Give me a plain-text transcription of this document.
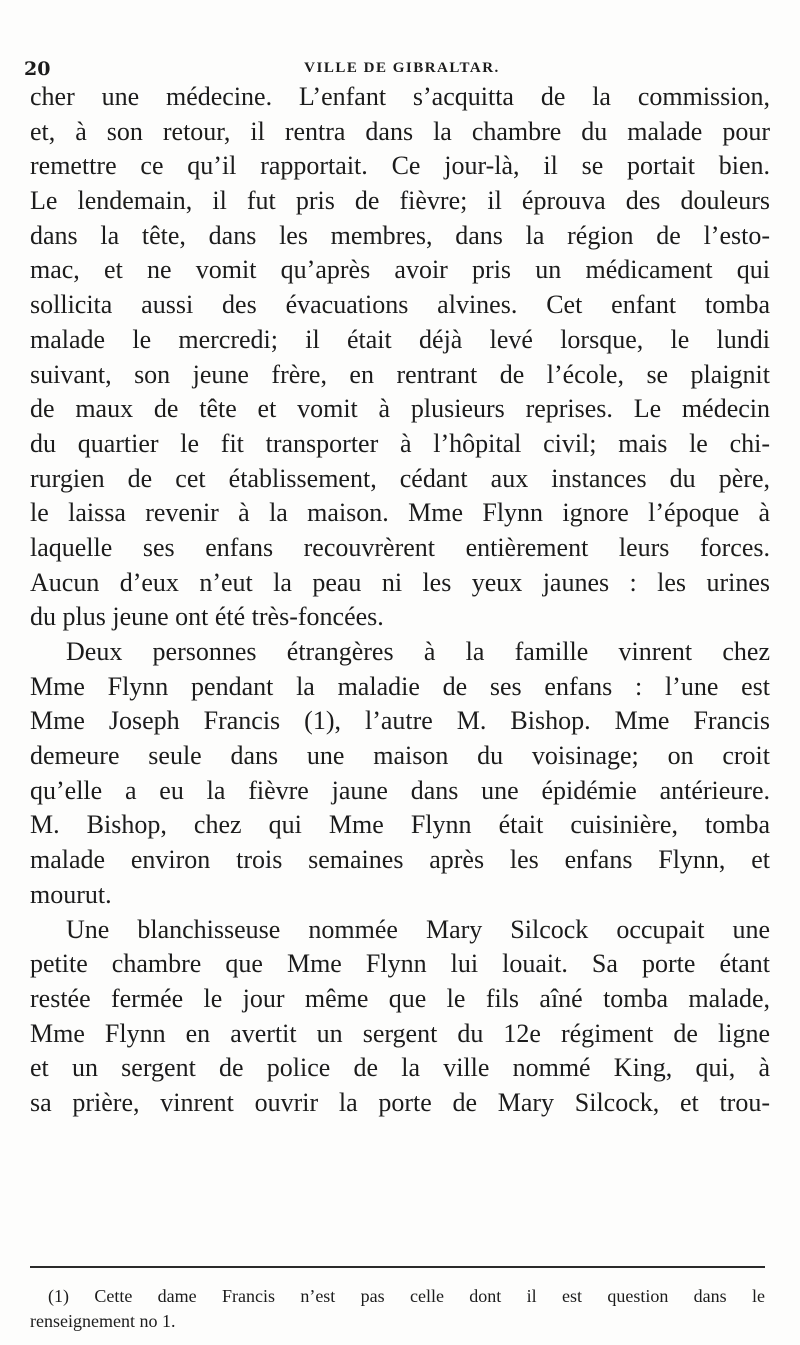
20	VILLE DE GIBRALTAR.
cher une médecine. L’enfant s’acquitta de la commission,
et, à son retour, il rentra dans la chambre du malade pour
remettre ce qu’il rapportait. Ce jour-là, il se portait bien.
Le lendemain, il fut pris de fièvre; il éprouva des douleurs
dans la tête, dans les membres, dans la région de l’esto-
mac, et ne vomit qu’après avoir pris un médicament qui
sollicita aussi des évacuations alvines. Cet enfant tomba
malade le mercredi; il était déjà levé lorsque, le lundi
suivant, son jeune frère, en rentrant de l’école, se plaignit
de maux de tête et vomit à plusieurs reprises. Le médecin
du quartier le fit transporter à l’hôpital civil; mais le chi-
rurgien de cet établissement, cédant aux instances du père,
le laissa revenir à la maison. Mme Flynn ignore l’époque à
laquelle ses enfans recouvrèrent entièrement leurs forces.
Aucun d’eux n’eut la peau ni les yeux jaunes : les urines
du plus jeune ont été très-foncées.
Deux personnes étrangères à la famille vinrent chez
Mme Flynn pendant la maladie de ses enfans : l’une est
Mme Joseph Francis (1), l’autre M. Bishop. Mme Francis
demeure seule dans une maison du voisinage; on croit
qu’elle a eu la fièvre jaune dans une épidémie antérieure.
M. Bishop, chez qui Mme Flynn était cuisinière, tomba
malade environ trois semaines après les enfans Flynn, et
mourut.
Une blanchisseuse nommée Mary Silcock occupait une
petite chambre que Mme Flynn lui louait. Sa porte étant
restée fermée le jour même que le fils aîné tomba malade,
Mme Flynn en avertit un sergent du 12e régiment de ligne
et un sergent de police de la ville nommé King, qui, à
sa prière, vinrent ouvrir la porte de Mary Silcock, et trou-
(1) Cette dame Francis n’est pas celle dont il est question dans le
renseignement no 1.
